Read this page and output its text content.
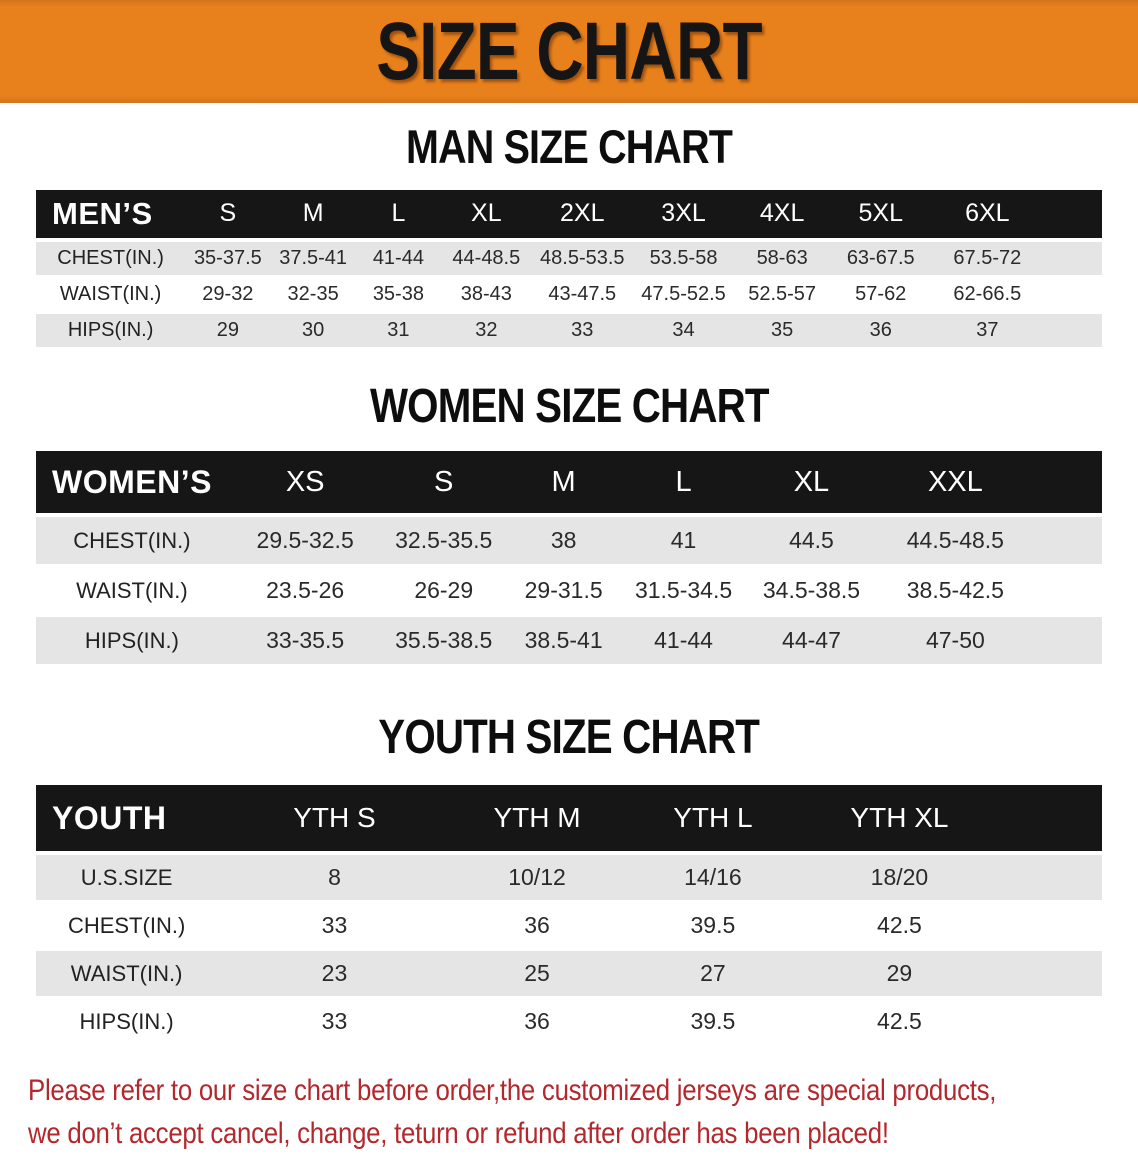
SIZE CHART
MAN SIZE CHART
MEN’S	S	M	L	XL	2XL	3XL	4XL	5XL	6XL	
CHEST(IN.)	35-37.5	37.5-41	41-44	44-48.5	48.5-53.5	53.5-58	58-63	63-67.5	67.5-72	
WAIST(IN.)	29-32	32-35	35-38	38-43	43-47.5	47.5-52.5	52.5-57	57-62	62-66.5	
HIPS(IN.)	29	30	31	32	33	34	35	36	37	
WOMEN SIZE CHART
WOMEN’S	XS	S	M	L	XL	XXL	
CHEST(IN.)	29.5-32.5	32.5-35.5	38	41	44.5	44.5-48.5	
WAIST(IN.)	23.5-26	26-29	29-31.5	31.5-34.5	34.5-38.5	38.5-42.5	
HIPS(IN.)	33-35.5	35.5-38.5	38.5-41	41-44	44-47	47-50	
YOUTH SIZE CHART
YOUTH	YTH S	YTH M	YTH L	YTH XL	
U.S.SIZE	8	10/12	14/16	18/20	
CHEST(IN.)	33	36	39.5	42.5	
WAIST(IN.)	23	25	27	29	
HIPS(IN.)	33	36	39.5	42.5	
Please refer to our size chart before order,the customized jerseys are special products,
we don’t accept cancel, change, teturn or refund after order has been placed!
